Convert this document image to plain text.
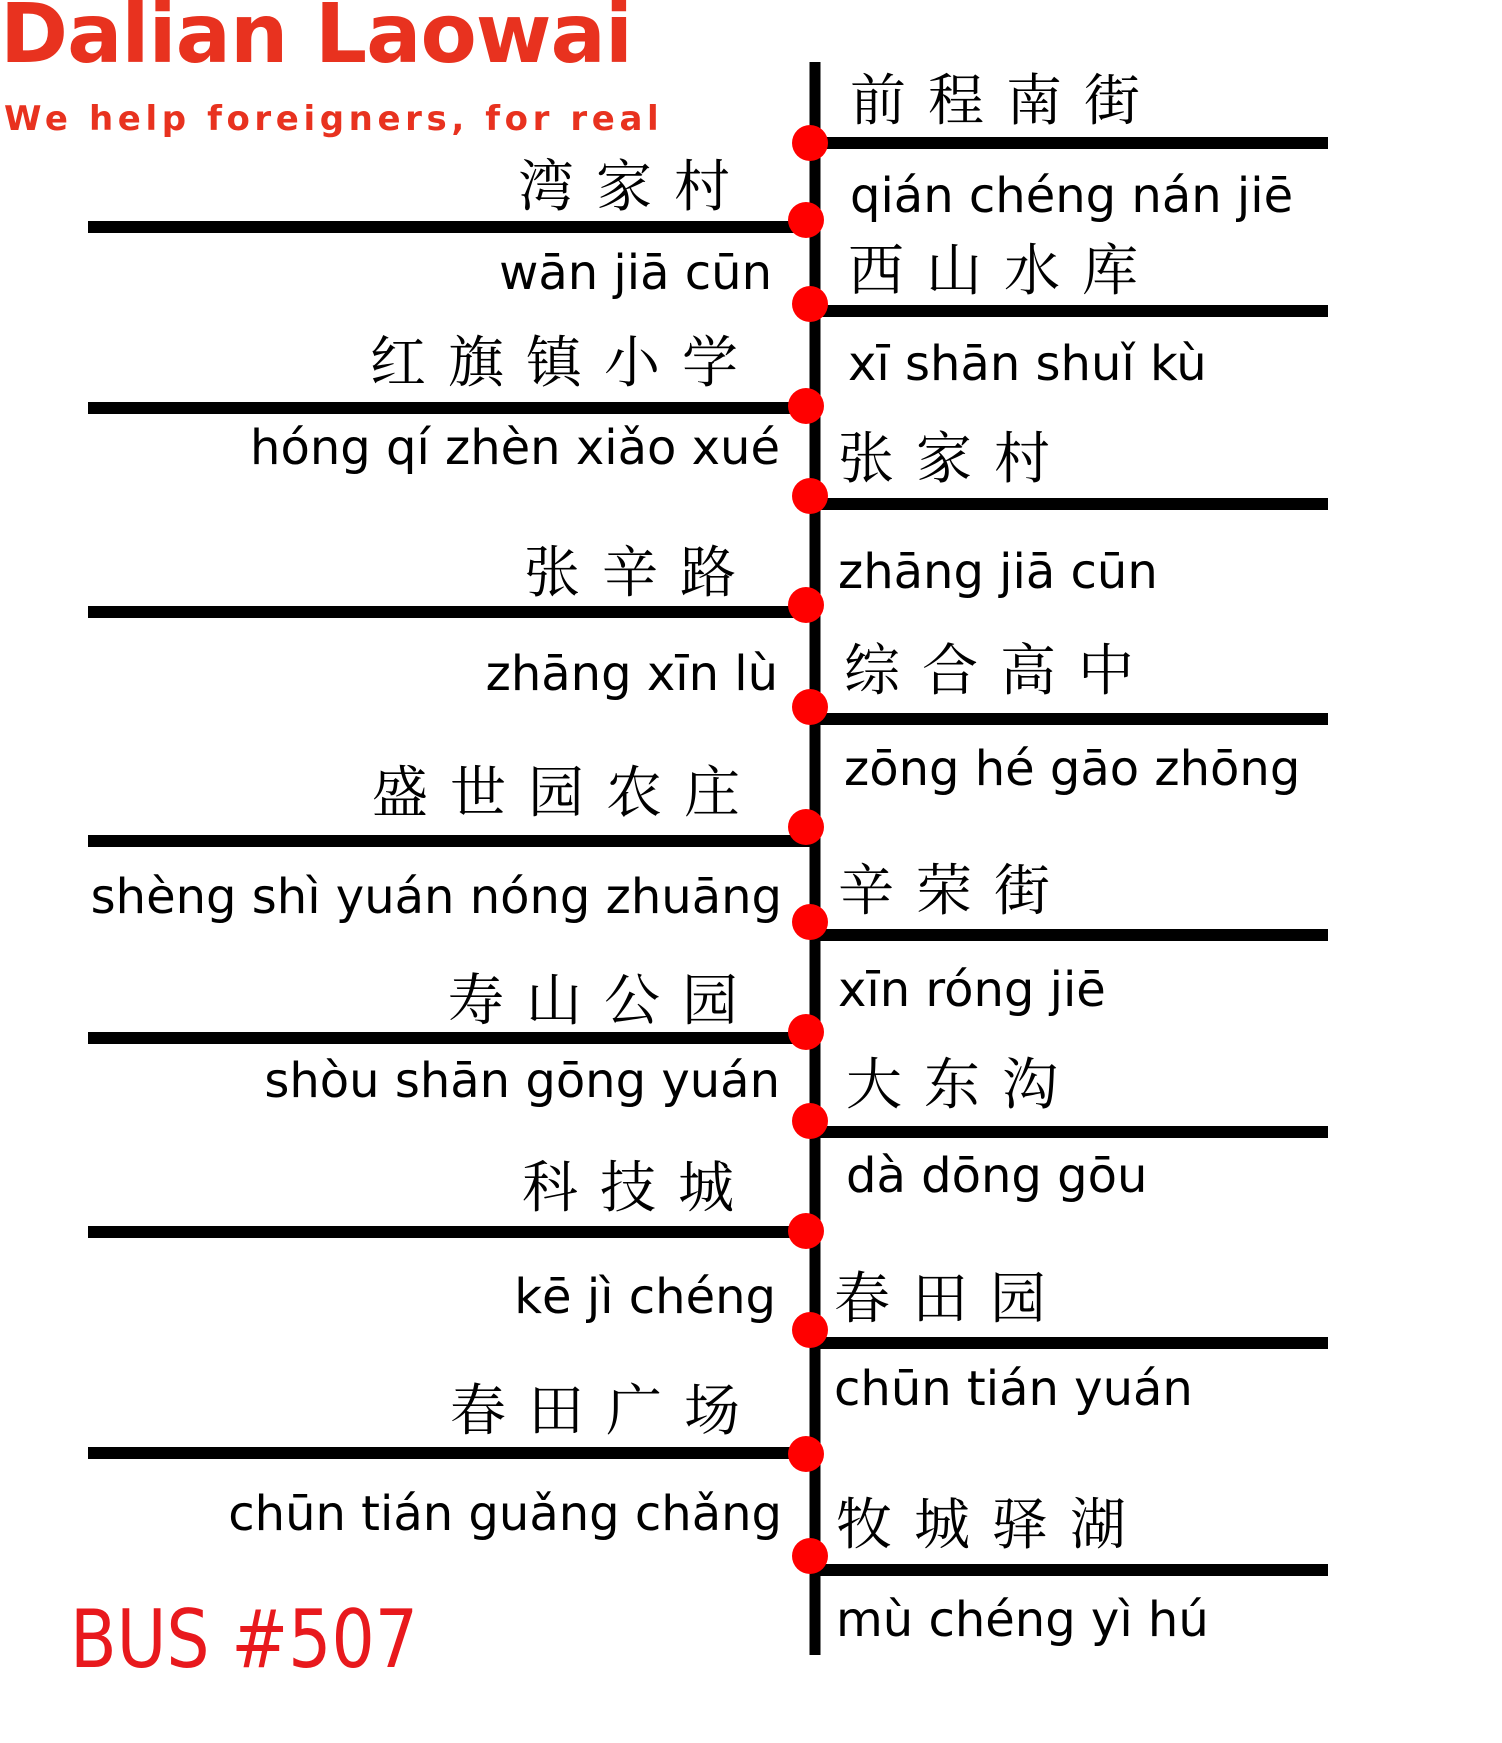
Dalian Laowai
We help foreigners, for real
湾家村
wān jiā cūn
红旗镇小学
hóng qí zhèn xiǎo xué
张辛路
zhāng xīn lù
盛世园农庄
shèng shì yuán nóng zhuāng
寿山公园
shòu shān gōng yuán
科技城
kē jì chéng
春田广场
chūn tián guǎng chǎng
前程南街
qián chéng nán jiē
西山水库
xī shān shuǐ kù
张家村
zhāng jiā cūn
综合高中
zōng hé gāo zhōng
辛荣街
xīn róng jiē
大东沟
dà dōng gōu
春田园
chūn tián yuán
牧城驿湖
mù chéng yì hú
BUS #507
